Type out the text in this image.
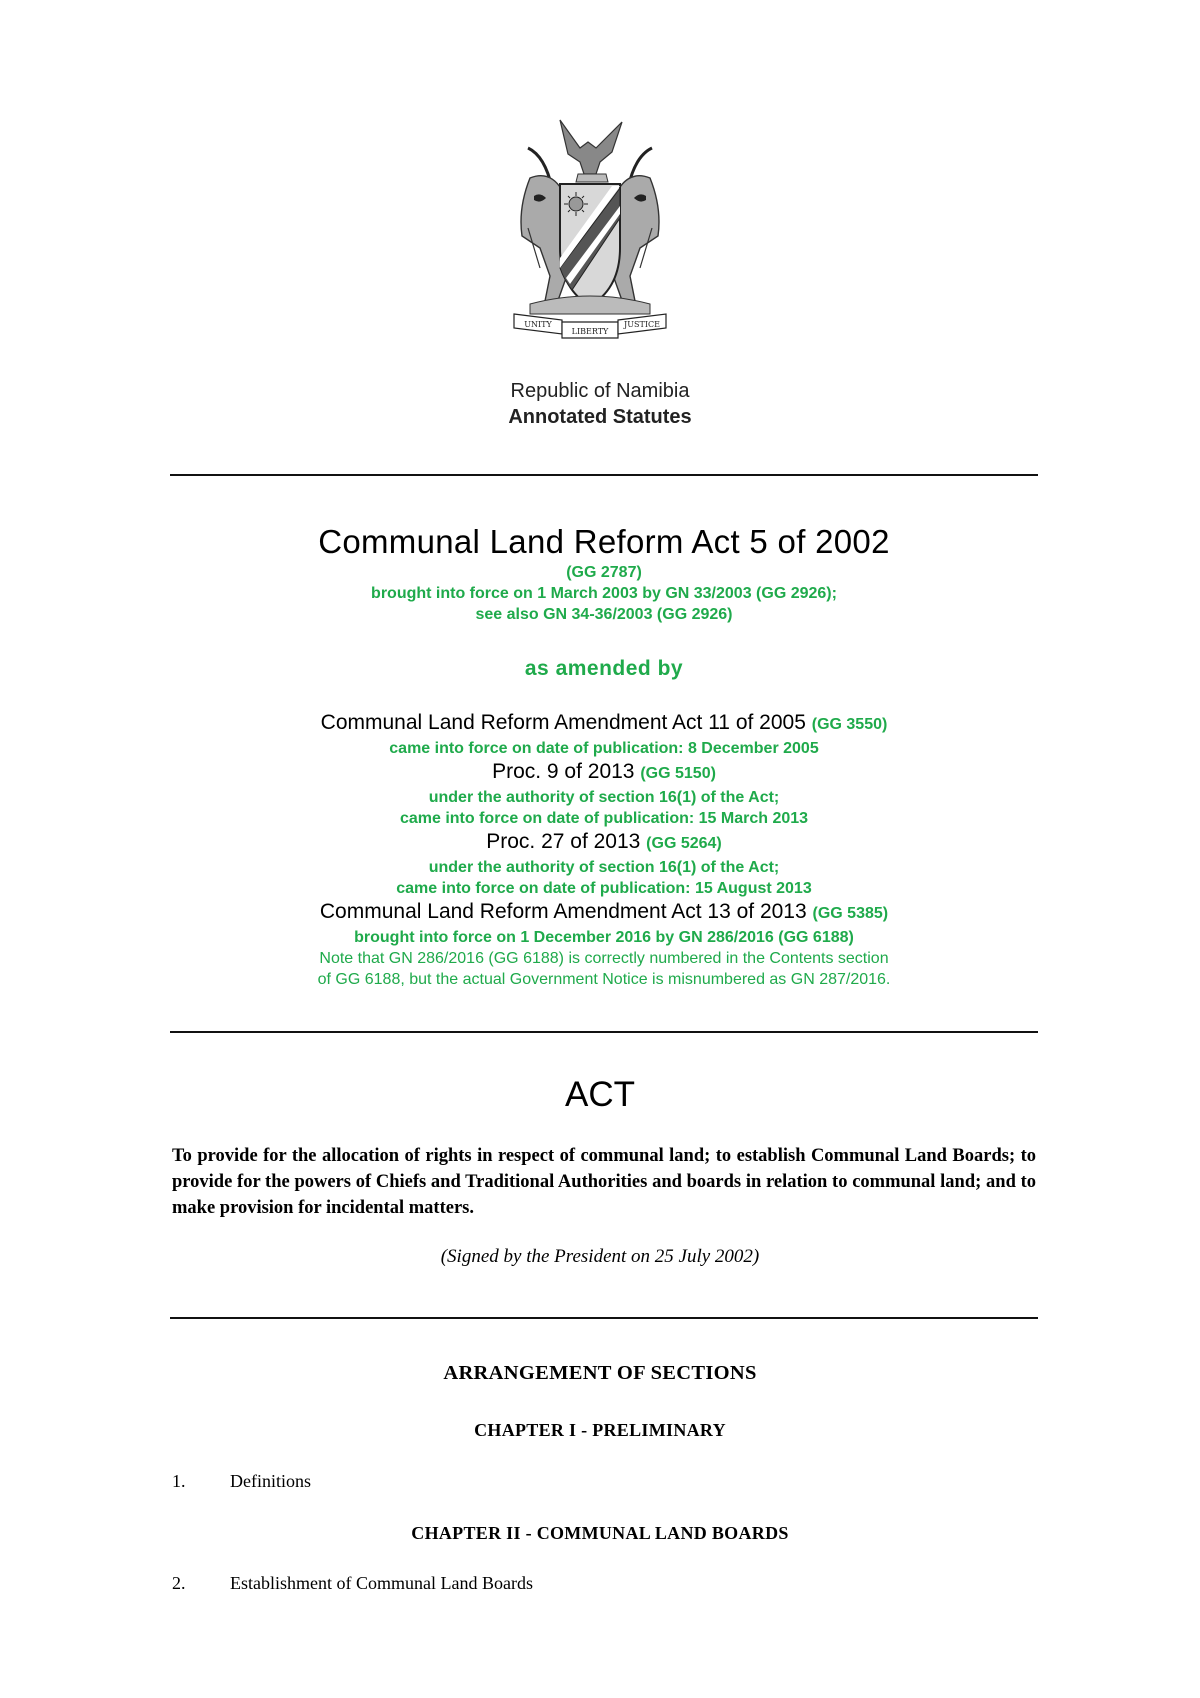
UNITY
LIBERTY
JUSTICE
Republic of Namibia
Annotated Statutes
Communal Land Reform Act 5 of 2002
(GG 2787)
brought into force on 1 March 2003 by GN 33/2003 (GG 2926);
see also GN 34-36/2003 (GG 2926)
as amended by
Communal Land Reform Amendment Act 11 of 2005 (GG 3550)
came into force on date of publication: 8 December 2005
Proc. 9 of 2013 (GG 5150)
under the authority of section 16(1) of the Act;
came into force on date of publication: 15 March 2013
Proc. 27 of 2013 (GG 5264)
under the authority of section 16(1) of the Act;
came into force on date of publication: 15 August 2013
Communal Land Reform Amendment Act 13 of 2013 (GG 5385)
brought into force on 1 December 2016 by GN 286/2016 (GG 6188)
Note that GN 286/2016 (GG 6188) is correctly numbered in the Contents section
of GG 6188, but the actual Government Notice is misnumbered as GN 287/2016.
ACT
To provide for the allocation of rights in respect of communal land; to establish Communal Land Boards; to provide for the powers of Chiefs and Traditional Authorities and boards in relation to communal land; and to make provision for incidental matters.
(Signed by the President on 25 July 2002)
ARRANGEMENT OF SECTIONS
CHAPTER I - PRELIMINARY
1. Definitions
CHAPTER II - COMMUNAL LAND BOARDS
2. Establishment of Communal Land Boards
